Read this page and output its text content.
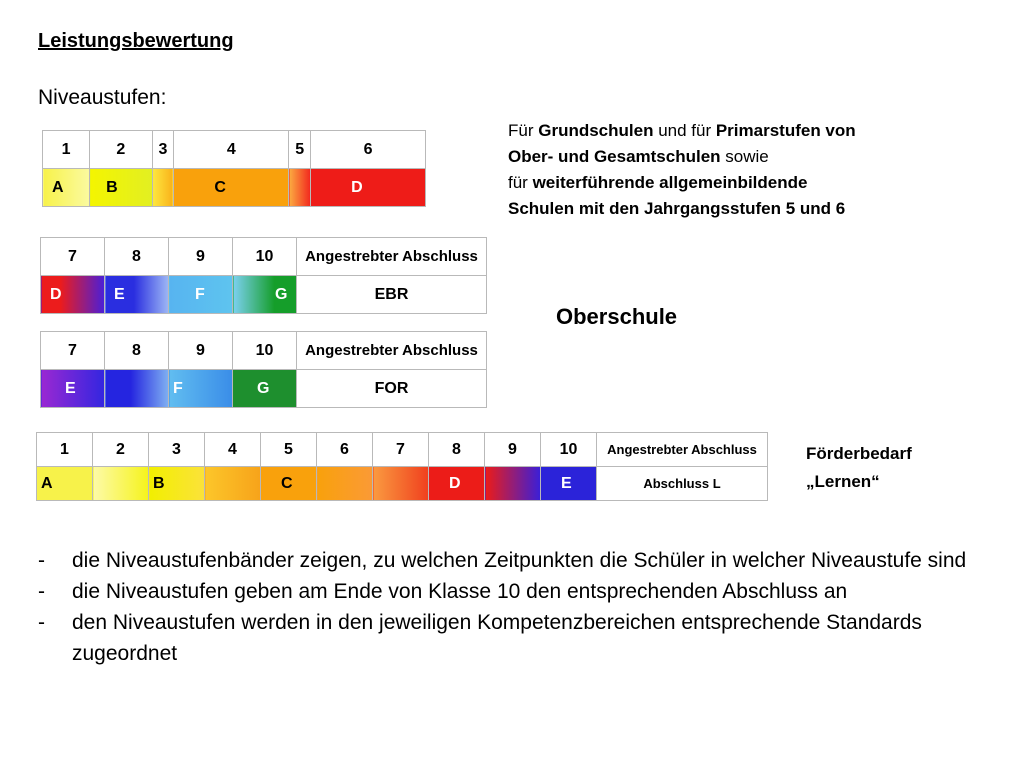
Leistungsbewertung
Niveaustufen:
Für Grundschulen und für Primarstufen von
Ober- und Gesamtschulen sowie
für weiterführende allgemeinbildende
Schulen mit den Jahrgangsstufen 5 und 6
1	2	3	4	5	6
A	B		C		D
7	8	9	10	Angestrebter Abschluss
D	E	F	G	EBR
7	8	9	10	Angestrebter Abschluss
E		F	G	FOR
1	2	3	4	5	6	7	8	9	10	Angestrebter Abschluss
A		B		C			D		E	Abschluss L
Oberschule
Förderbedarf
„Lernen“
- die Niveaustufenbänder zeigen, zu welchen Zeitpunkten die Schüler in welcher Niveaustufe sind
- die Niveaustufen geben am Ende von Klasse 10 den entsprechenden Abschluss an
- den Niveaustufen werden in den jeweiligen Kompetenzbereichen entsprechende Standards zugeordnet
